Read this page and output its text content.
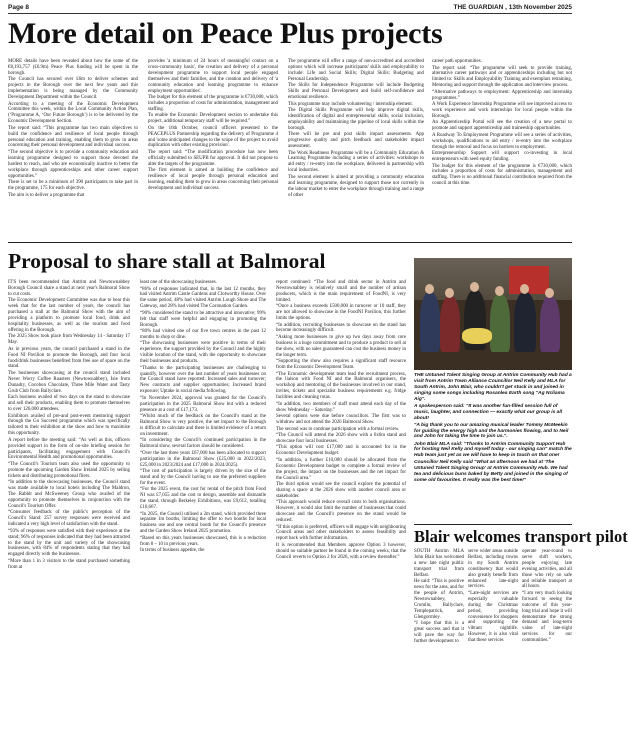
Page 8	THE GUARDIAN , 13th November 2025
More detail on Peace Plus projects

MORE details have been revealed about how the some of the €8,193,757 (£6.9m) Peace Plus funding will be spent in the borough.

The Council has secured over £6m to deliver schemes and projects in the Borough over the next few years and this implementation is being managed by the Community Development Department within the Council.

According to a meeting of the Economic Development Committee this week, within the Local Community Action Plan, (‘Programme A, ‘Our Future Borough’) is to be delivered by the Economic Development Section.

The report said: “This programme has two main objectives to build the confidence and resilience of local people through personal education and training, enabling them to grow in areas concerning their personal development and individual success.

“The second objective is to provide a community education and learning programme designed to support those devoted the hardest to reach, and who are economically inactive to better the workplace through apprenticeships and other career support opportunities.”

There is set to be a minimum of 390 participants to take part in the programme, 175 for each objective.

The aim is to deliver a programme that

provides 'a minimum of 24 hours of meaningful contact on a cross-community basis', the creation and delivery of a personal development programme to support local people engaged themselves and their families, and the creation and delivery of 'a community education and learning programme to enhance employment opportunities'.

The budget for this element of the programme is €730,000, which includes a proportion of costs for administration, management and staffing.

To enable the Economic Development section to undertake this project, additional temporary staff will be required.”

On the 16th October, council officers presented to the PEACEPLUS Partnership regarding the delivery of Programme 4 and 'some anticipated changes to the scope of the project to avoid duplication with other existing provision'.

The report said: “The modification procedure has now been officially submitted to SEUPB for approval. It did not propose to alter the targets of the programme.

The first element is aimed at building the confidence and resilience of local people through personal education and learning, enabling them to grow in areas concerning their personal development and individual success.

The programme will offer a range of non-accredited and accredited options which will increase participants' skills and employability to include: Life and Social Skills; Digital Skills; Budgeting and Personal Leadership.

The Skills for Independence Programme will include Budgeting Skills and Personal Development and build self-confidence and emotional resilience.

This programme may include volunteering / internship element.

The Digital Skills Programme will help improve digital skills, identification of digital and entrepreneurial skills, social inclusion, employability and maintaining the pipeline of local skills within the borough.

There will be pre and post skills impact assessments. App progressive quality and pitch feedback and stakeholder impact assessment.

The Work Readiness Programme will be a Community Education & Learning Programme including a series of activities: workshops to aid entry / re-entry into the workplace, delivered in partnership with local industries.

The second element is aimed at providing a community education and learning programme, designed to support those not currently in the labour market to enter the workplace through training and a range of other

career path opportunities.

The report said: “The programme will seek to provide training, alternative career pathways and or apprenticeships including but not limited to: Skills and Employability Training and exemplars retraining, Mentoring and support through the application and interview process.

“Alternative pathways to employment: Apprenticeship and internship programmes.”

A Work Experience Internship Programme will see improved access to work experience and work internships for local people within the Borough.

An Apprenticeship Portal will see the creation of a new portal to promote and support apprenticeship and traineeship opportunities.

A Roadway To Employment Programme will see a series of activities, workshops, qualifications to aid entry / re-entry into the workplace through the removal and focus on barriers to employment.

Entrepreneurship Support will support co-investing in local entrepreneurs with seed equity funding.

The budget for this element of the programme is €730,000, which includes a proportion of costs for administration, management and staffing. There is no additional financial contribution required from the council at this time.

Proposal to share stall at Balmoral

IT'S been recommended that Antrim and Newtownabbey Borough Council share a stand at next year's Balmoral Show to cut costs.

The Economic Development Committee was due to hear this week that for the last number of years, the council has purchased a stall at the Balmoral Show with the aim of providing a platform to promote local food, drink and hospitality businesses, as well as the tourism and food offering in the Borough.

The 2025 Show took place from Wednesday 14 - Saturday 17 May.

As in previous years, the council purchased a stand in the Food NI Pavilion to promote the Borough, and four local food/drink businesses benefited from free use of space on the stand.

The businesses showcasing at the council stand included Never Worry Coffee Roasters (Newtownabbey), Isle from Dunadry, Cocobon Chocolate, Three Mile Water and Tasty Grub Club from Ballyclare.

Each business availed of two days on the stand to showcase and sell their products, enabling them to promote themselves to over 126,000 attendees.

Exhibitors availed of pre-and post-event mentoring support through the Go Succeed programme which was specifically tailored to their exhibition at the show and how to maximise this opportunity.

A report before the meeting said: “As well as this, officers provided support in the form of on-site briefing session for participants, facilitating engagement with Council's Environmental Health and promotional opportunities.

“The Council's Tourism team also used the opportunity to promote the upcoming Garden Show Ireland 2025 by selling tickets and distributing promotional fliers.

“In addition to the showcasing businesses, the Council stand was made available to local hotels including The Maldron, The Rabbit and McSweeney Group who availed of the opportunity to promote themselves in conjunction with the Council's Tourism Offer.

“Consumer feedback of the public's perception of the Council's Stand: 257 survey responses were received and indicated a very high level of satisfaction with the stand.

“93% of responses were satisfied with their experience at the stand; 96% of responses indicated that they had been attracted to the stand by the unit and variety of the showcasing businesses, with 84% of respondents stating that they had engaged directly with the businesses.

“More than 1 in 3 visitors to the stand purchased something from at

least one of the showcasing businesses.

“86% of responses indicated that, in the last 12 months, they had visited Antrim Castle Gardens and Clotworthy House. Over the same period, 48% had visited Antrim Lough Shore and The Gateway, and 28% had visited The Coronation Garden.

“90% considered the stand to be attractive and innovative; 99% felt that staff were helpful and engaging in promoting the Borough.

“80% had visited one of our five town centres in the past 12 months to shop or dine.

“The showcasing businesses were positive in terms of their experience, the support provided by the Council and the highly visible location of the stand, with the opportunity to showcase their businesses and products.

“Thanks to the participating businesses are challenging to quantify, however over the last number of years businesses on the Council stand have reported: Increased sales and turnover; New contracts and supplier opportunities; Increased brand exposure; Uptake in social media following.

“In November 2024, approval was granted for the Council's participation in the 2025 Balmoral Show but with a reduced presence at a cost of £17,173.

“Whilst much of the feedback on the Council's stand at the Balmoral Show is very positive, the net impact to the Borough is difficult to calculate and there is limited evidence of a return on investment.

“In considering the Council's continued participation in the Balmoral show, several factors should be considered.

“Over the last three years £67,000 has been allocated to support participation in the Balmoral Show (£25,000 in 2022/2023, £25,000 in 2023/2024 and £17,000 in 2024/2025).

“The cost of participation is largely driven by the size of the stand and by the Council having to use the preferred suppliers for the event.

“For the 2025 event, the cost for rental of the pitch from Food NI was £7,055 and the cost to design, assemble and dismantle the stand, through Berkeley Exhibitions, was £9,612, totalling £16,667.

“In 2025, the Council utilised a 2m stand, which provided three separate 1m booths, limiting the offer to two booths for local business use and one central booth for the Council's presence and the Garden Show Ireland 2025 promotion.

“Based on this years businesses showcased, this is a reduction from 8 – 10 in previous years.

In terms of business appetite, the

report continued: “The food and drink sector in Antrim and Newtownabbey is relatively small and the number of artisan producers, which is the main requirement of FoodNI, is very limited.

“Once a business exceeds £500,000 in turnover or 10 staff, they are not allowed to showcase in the FoodNI Pavilion, this further limits the options.

“In addition, recruiting businesses to showcase on the stand has become increasingly difficult.

“Asking more businesses to give up two days away from core business is a huge commitment and to produce a product to sell at the show, with no sales guaranteed can cost the business money in the longer term.

“Supporting the show also requires a significant staff resource from the Economic Development Team.

“The Economic development team lead the recruitment process, the liaison with Food NI and the Balmoral organisers, the workshop and mentoring of the businesses involved in our stand, invites, tickets and specialist business requirements e.g. fridge facilities and cleaning rotas.

“In addition, two members of staff must attend each day of the show Wednesday – Saturday.”

Several options were due before councillors. The first was to withdraw and not attend the 2026 Balmoral Show.

The second was to continue participation with a formal review.

“The Council will attend the 2026 show with a 6x6m stand and showcase four local businesses.

“This option will cost £17,000 and is accounted for in the Economic Development budget.

“In addition, a further £10,000 should be allocated from the Economic Development budget to complete a formal review of the project, the impact on the businesses and the net impact for the Council area.”

The third option would see the council explore the potential of sharing a space at the 2026 show with another council area or stakeholder.

“This approach would reduce overall costs to both organisations. However, it would also limit the number of businesses that could showcase and the Council's presence on the stand would be reduced.

“If this option is preferred, officers will engage with neighbouring Council areas and other stakeholders to assess feasibility and report back with further information.

It is recommended that Members approve Option 3 however, should no suitable partner be found in the coming weeks, that the Council reverts to Option 2 for 2026, with a review thereafter.”

THE Untuned Talent Singing Group at Antrim Community Hub had a visit from Antrim Town Alliance Councillor Neil Kelly and MLA for South Antrim, John Blair, who couldn't get stuck in and joined in singing some songs including Rosanlea Earth song "Ag Ncliama Aig".

A spokesperson said: "It was another fun-filled session full of music, laughter, and connection — exactly what our group is all about!

"A big thank you to our amazing musical leader Tommy McMeekin for guiding the energy high and the harmonies flowing, and to Neil and John for taking the time to join us.".

John Blair MLA said: "Thanks to Antrim Community Support Hub for hosting Neil Kelly and myself today - our singing can" match the Hub team just yet as we will have to keep in touch on that one!

Councillor Neil Kelly said "What an afternoon we had at 'The Untuned Talent Singing Group' at Antrim Community Hub. We had tea and delicious buns baked by Betty and joined in the singing of some old favourites. It really was the best time!"

Blair welcomes transport pilot

SOUTH Antrim MLA John Blair has welcomed a new late night public transport trial from Belfast.

He said: “This is positive news for the area, and for the people of Antrim, Newtownabbey, Crumlin, Ballyclare, Templepatrick, and Glengormley.

“I hope that this is a great success and that it will pave the way for further development to

serve wider areas outside Belfast, including towns in my South Antrim constituency that would also greatly benefit from enhanced late-night services.

“Late-night services are especially valuable during the Christmas period, providing convenience for shoppers and supporting the vibrant nightlife. However, it is also vital that these services

operate year-round to serve shift workers, people enjoying late evening activities, and all those who rely on safe and reliable transport at all hours.

“I am very much looking forward to seeing the outcome of this year-long trial and hope it will demonstrate the strong demand and long-term value of late-night services for our communities.”
